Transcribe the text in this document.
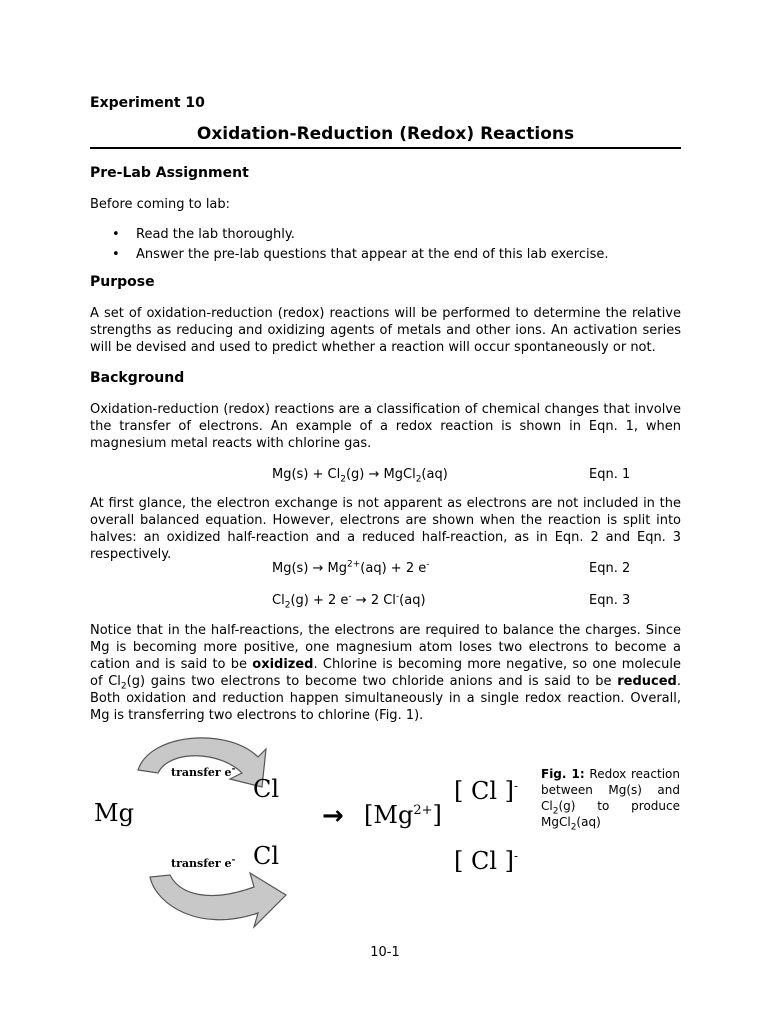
Experiment 10
Oxidation-Reduction (Redox) Reactions
Pre-Lab Assignment
Before coming to lab:
• Read the lab thoroughly.
• Answer the pre-lab questions that appear at the end of this lab exercise.
Purpose
A set of oxidation-reduction (redox) reactions will be performed to determine the relative strengths as reducing and oxidizing agents of metals and other ions. An activation series will be devised and used to predict whether a reaction will occur spontaneously or not.
Background
Oxidation-reduction (redox) reactions are a classification of chemical changes that involve the transfer of electrons. An example of a redox reaction is shown in Eqn. 1, when magnesium metal reacts with chlorine gas.
$Mg(s) + Cl_2(g)$ → MgCl$_2$(aq)	Eqn. 1
At first glance, the electron exchange is not apparent as electrons are not included in the overall balanced equation. However, electrons are shown when the reaction is split into halves: an oxidized half-reaction and a reduced half-reaction, as in Eqn. 2 and Eqn. 3 respectively.
$Mg(s) \to Mg^{2+}(aq) + 2$ e-	Eqn. 2
$Cl_2(g) + 2$ e- → 2 Cl-(aq)	Eqn. 3
Notice that in the half-reactions, the electrons are required to balance the charges. Since Mg is becoming more positive, one magnesium atom loses two electrons to become a cation and is said to be oxidized. Chlorine is becoming more negative, so one molecule of $Cl_2(g)$ gains two electrons to become two chloride anions and is said to be reduced. Both oxidation and reduction happen simultaneously in a single redox reaction. Overall, Mg is transferring two electrons to chlorine (Fig. 1).
transfer e-
transfer e-
Mg
Cl
Cl
→ $[Mg^{2+}]$
[ Cl ]-
[ Cl ]-
Fig. 1: Redox reaction between Mg(s) and $Cl_2(g)$ to produce MgCl$_2$(aq)
10-1
